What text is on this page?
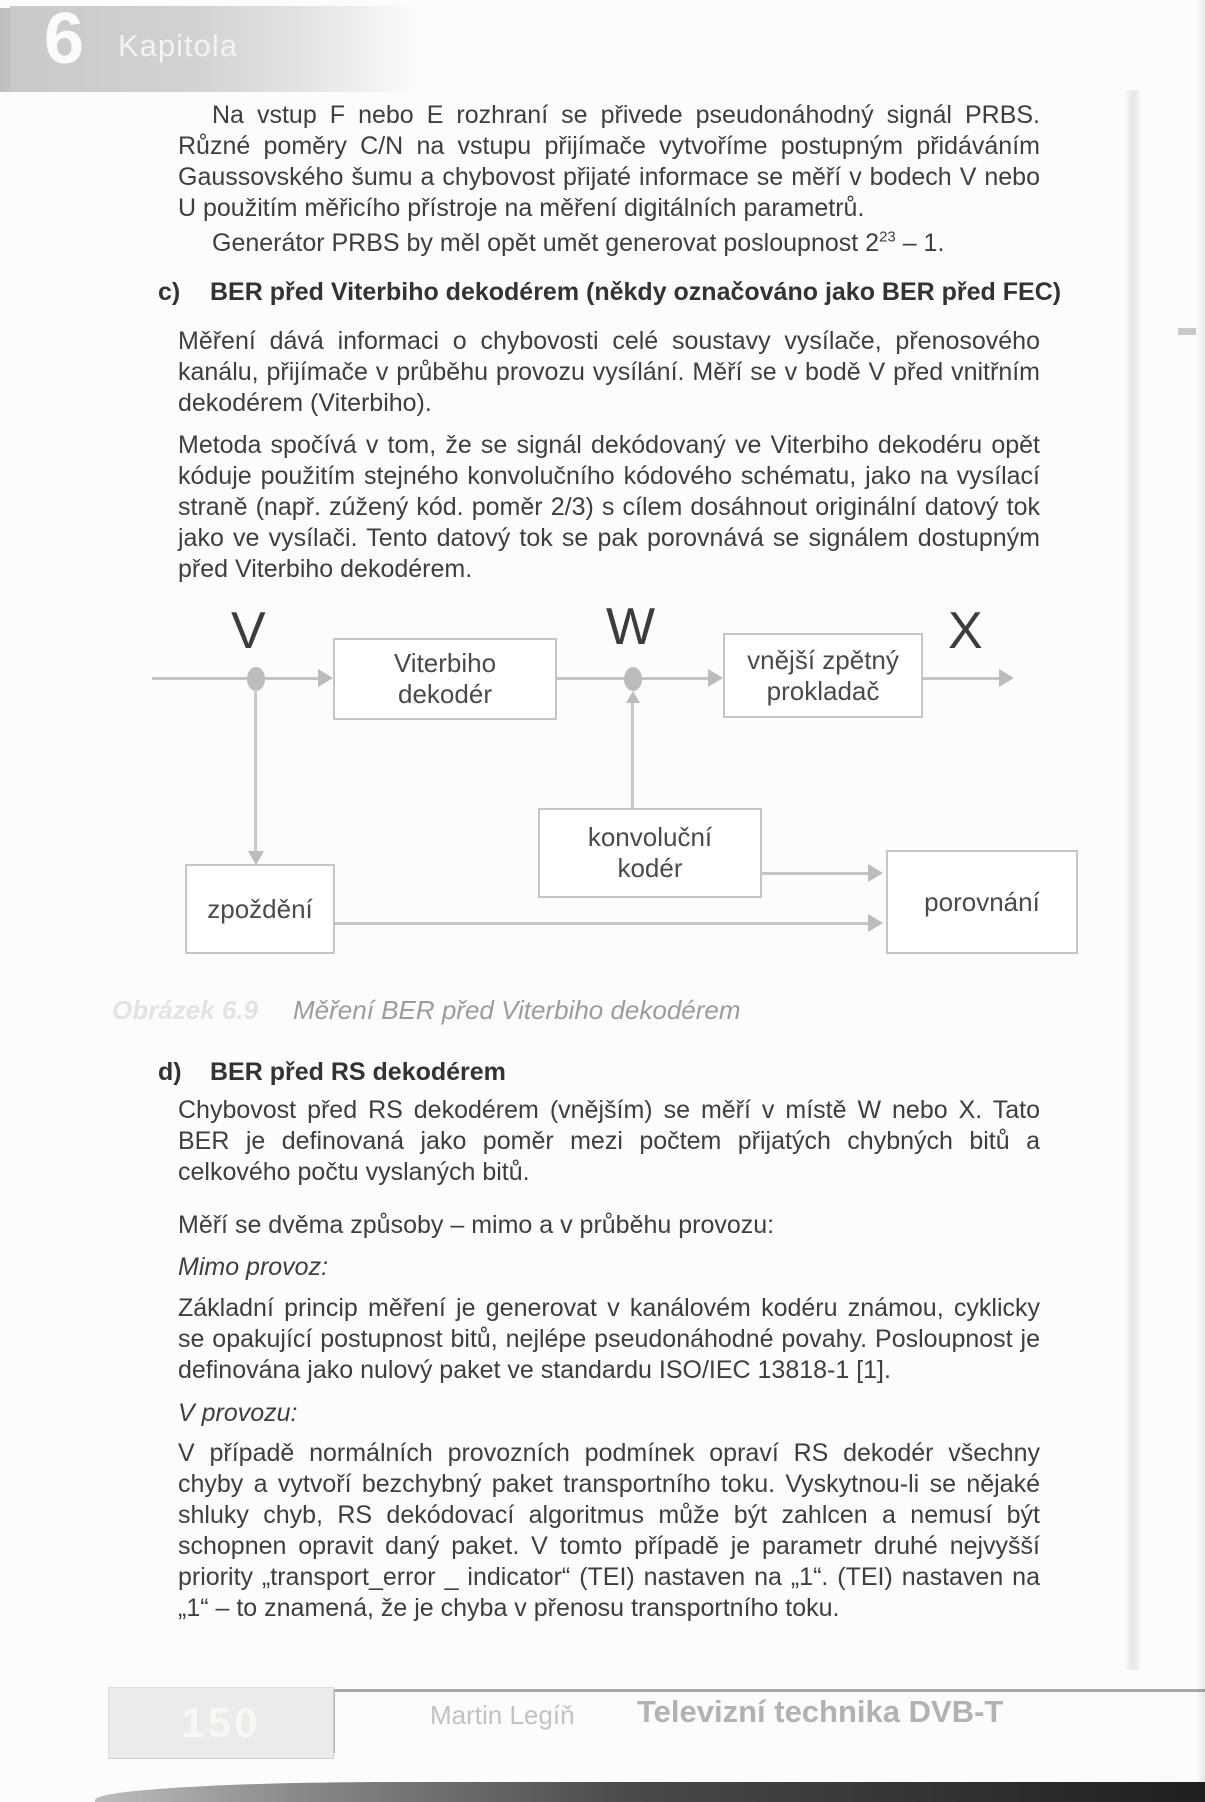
6 Kapitola

Na vstup F nebo E rozhraní se přivede pseudonáhodný signál PRBS. Různé poměry C/N na vstupu přijímače vytvoříme postupným přidáváním Gaussovského šumu a chybovost přijaté informace se měří v bodech V nebo U použitím měřicího přístroje na měření digitálních parametrů.

Generátor PRBS by měl opět umět generovat posloupnost $2^{23} - 1$.

c) BER před Viterbiho dekodérem (někdy označováno jako BER před FEC)

Měření dává informaci o chybovosti celé soustavy vysílače, přenosového kanálu, přijímače v průběhu provozu vysílání. Měří se v bodě V před vnitřním dekodérem (Viterbiho).

Metoda spočívá v tom, že se signál dekódovaný ve Viterbiho dekodéru opět kóduje použitím stejného konvolučního kódového schématu, jako na vysílací straně (např. zúžený kód. poměr 2/3) s cílem dosáhnout originální datový tok jako ve vysílači. Tento datový tok se pak porovnává se signálem dostupným před Viterbiho dekodérem.

V	W	X
Viterbiho
dekodér
vnější zpětný
prokladač
konvoluční
kodér
zpoždění	porovnání
Obrázek 6.9 Měření BER před Viterbiho dekodérem
d) BER před RS dekodérem

Chybovost před RS dekodérem (vnějším) se měří v místě W nebo X. Tato BER je definovaná jako poměr mezi počtem přijatých chybných bitů a celkového počtu vyslaných bitů.

Měří se dvěma způsoby – mimo a v průběhu provozu:

Mimo provoz:

Základní princip měření je generovat v kanálovém kodéru známou, cyklicky se opakující postupnost bitů, nejlépe pseudonáhodné povahy. Posloupnost je definována jako nulový paket ve standardu ISO/IEC 13818-1 [1].

V provozu:

V případě normálních provozních podmínek opraví RS dekodér všechny chyby a vytvoří bezchybný paket transportního toku. Vyskytnou-li se nějaké shluky chyb, RS dekódovací algoritmus může být zahlcen a nemusí být schopnen opravit daný paket. V tomto případě je parametr druhé nejvyšší priority „transport_error _ indicator“ (TEI) nastaven na „1“. (TEI) nastaven na „1“ – to znamená, že je chyba v přenosu transportního toku.

150	Martin Legíň Televizní technika DVB-T
